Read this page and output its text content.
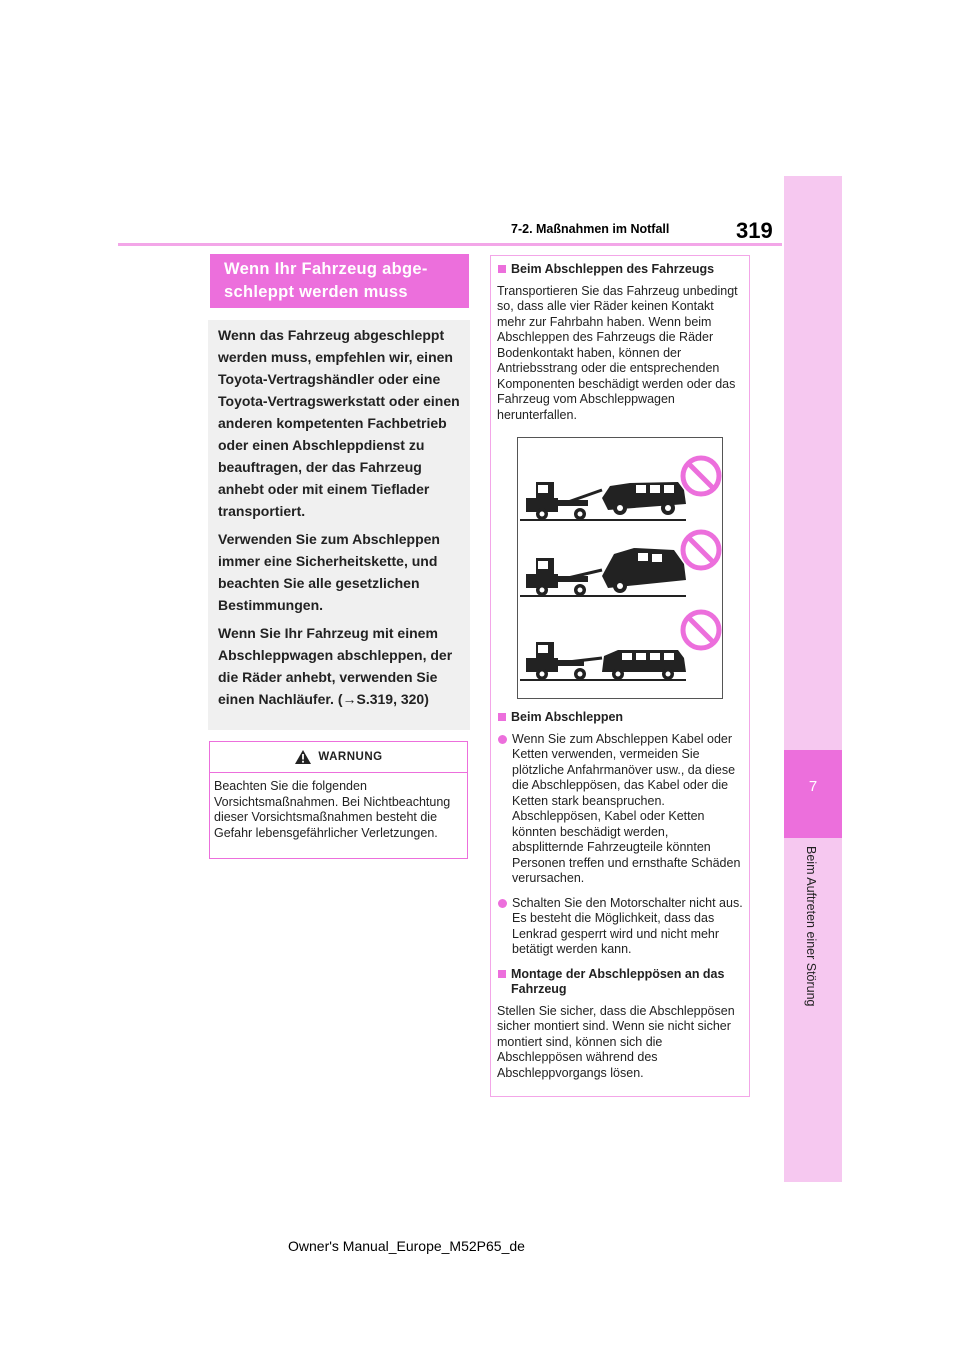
7-2. Maßnahmen im Notfall	319
7
Beim Auftreten einer Störung
Wenn Ihr Fahrzeug abge-
schleppt werden muss

Wenn das Fahrzeug abgeschleppt werden muss, empfehlen wir, einen Toyota-Vertragshändler oder eine Toyota-Vertragswerkstatt oder einen anderen kompetenten Fachbetrieb oder einen Abschleppdienst zu beauftragen, der das Fahrzeug anhebt oder mit einem Tieflader transportiert.

Verwenden Sie zum Abschleppen immer eine Sicherheitskette, und beachten Sie alle gesetzlichen Bestimmungen.

Wenn Sie Ihr Fahrzeug mit einem Abschleppwagen abschleppen, der die Räder anhebt, verwenden Sie einen Nachläufer. (→S.319, 320)

WARNUNG
Beachten Sie die folgenden Vorsichtsmaßnahmen. Bei Nichtbeachtung dieser Vorsichtsmaßnahmen besteht die Gefahr lebensgefährlicher Verletzungen.
Beim Abschleppen des Fahrzeugs

Transportieren Sie das Fahrzeug unbedingt so, dass alle vier Räder keinen Kontakt mehr zur Fahrbahn haben. Wenn beim Abschleppen des Fahrzeugs die Räder Bodenkontakt haben, können der Antriebsstrang oder die entsprechenden Komponenten beschädigt werden oder das Fahrzeug vom Abschleppwagen herunterfallen.

Beim Abschleppen
Wenn Sie zum Abschleppen Kabel oder Ketten verwenden, vermeiden Sie plötzliche Anfahrmanöver usw., da diese die Abschleppösen, das Kabel oder die Ketten stark beanspruchen. Abschleppösen, Kabel oder Ketten könnten beschädigt werden, absplitternde Fahrzeugteile könnten Personen treffen und ernsthafte Schäden verursachen.
Schalten Sie den Motorschalter nicht aus. Es besteht die Möglichkeit, dass das Lenkrad gesperrt wird und nicht mehr betätigt werden kann.
Montage der Abschleppösen an das Fahrzeug

Stellen Sie sicher, dass die Abschleppösen sicher montiert sind. Wenn sie nicht sicher montiert sind, können sich die Abschleppösen während des Abschleppvorgangs lösen.

Owner's Manual_Europe_M52P65_de
